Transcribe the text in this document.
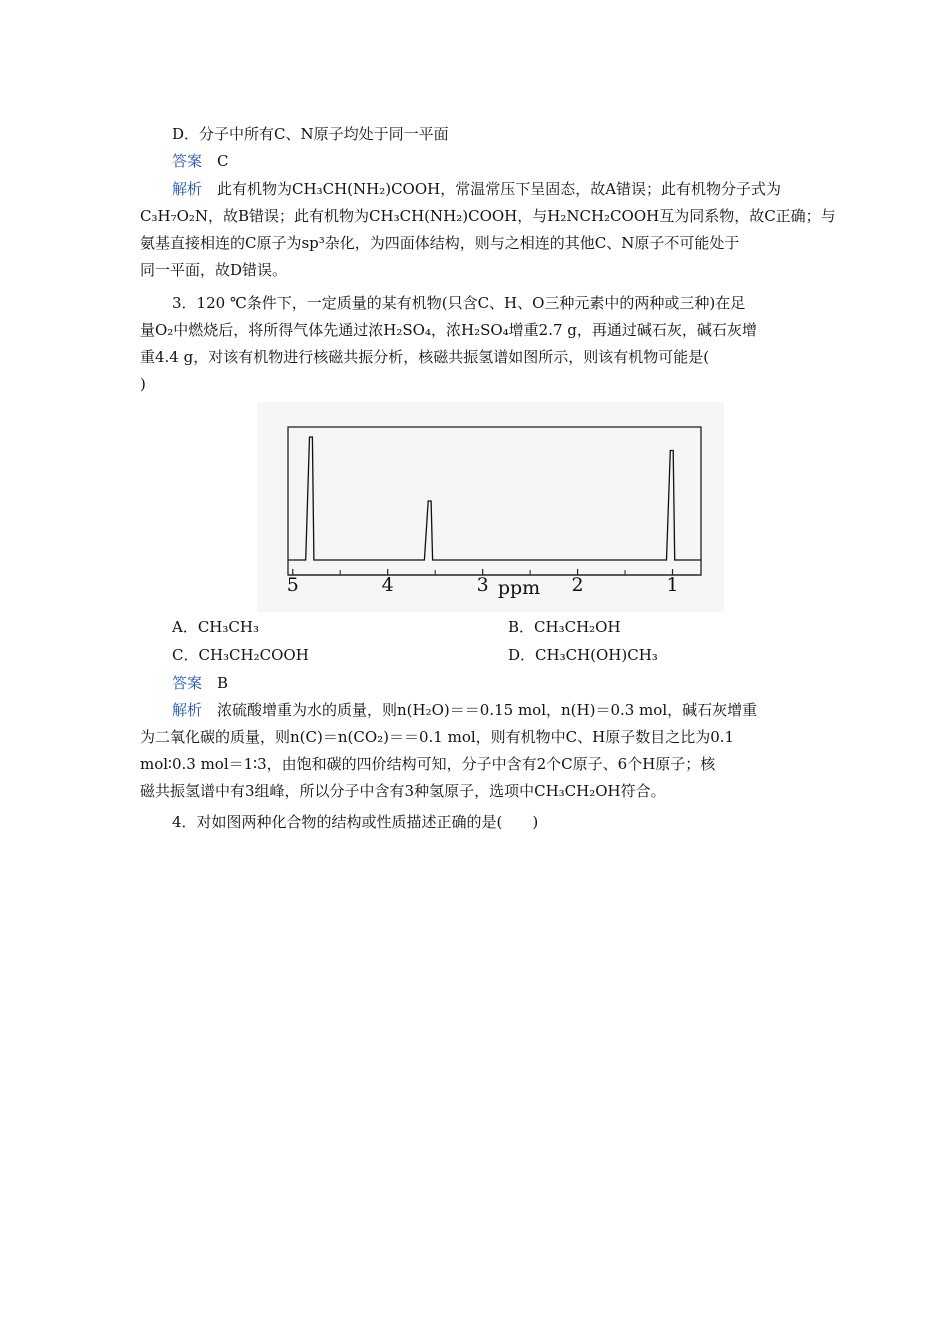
D．分子中所有C、N原子均处于同一平面
答案  C
解析  此有机物为CH₃CH(NH₂)COOH，常温常压下呈固态，故A错误；此有机物分子式为
C₃H₇O₂N，故B错误；此有机物为CH₃CH(NH₂)COOH，与H₂NCH₂COOH互为同系物，故C正确；与
氨基直接相连的C原子为sp³杂化，为四面体结构，则与之相连的其他C、N原子不可能处于
同一平面，故D错误。
3．120 ℃条件下，一定质量的某有机物(只含C、H、O三种元素中的两种或三种)在足
量O₂中燃烧后，将所得气体先通过浓H₂SO₄，浓H₂SO₄增重2.7 g，再通过碱石灰，碱石灰增
重4.4 g，对该有机物进行核磁共振分析，核磁共振氢谱如图所示，则该有机物可能是(
)
5	4	3	2	1
ppm
A．CH₃CH₃	B．CH₃CH₂OH
C．CH₃CH₂COOH	D．CH₃CH(OH)CH₃
答案  B
解析  浓硫酸增重为水的质量，则n(H₂O)＝＝0.15 mol，n(H)＝0.3 mol，碱石灰增重
为二氧化碳的质量，则n(C)＝n(CO₂)＝＝0.1 mol，则有机物中C、H原子数目之比为0.1
mol∶0.3 mol＝1∶3，由饱和碳的四价结构可知，分子中含有2个C原子、6个H原子；核
磁共振氢谱中有3组峰，所以分子中含有3种氢原子，选项中CH₃CH₂OH符合。
4．对如图两种化合物的结构或性质描述正确的是(　　)
